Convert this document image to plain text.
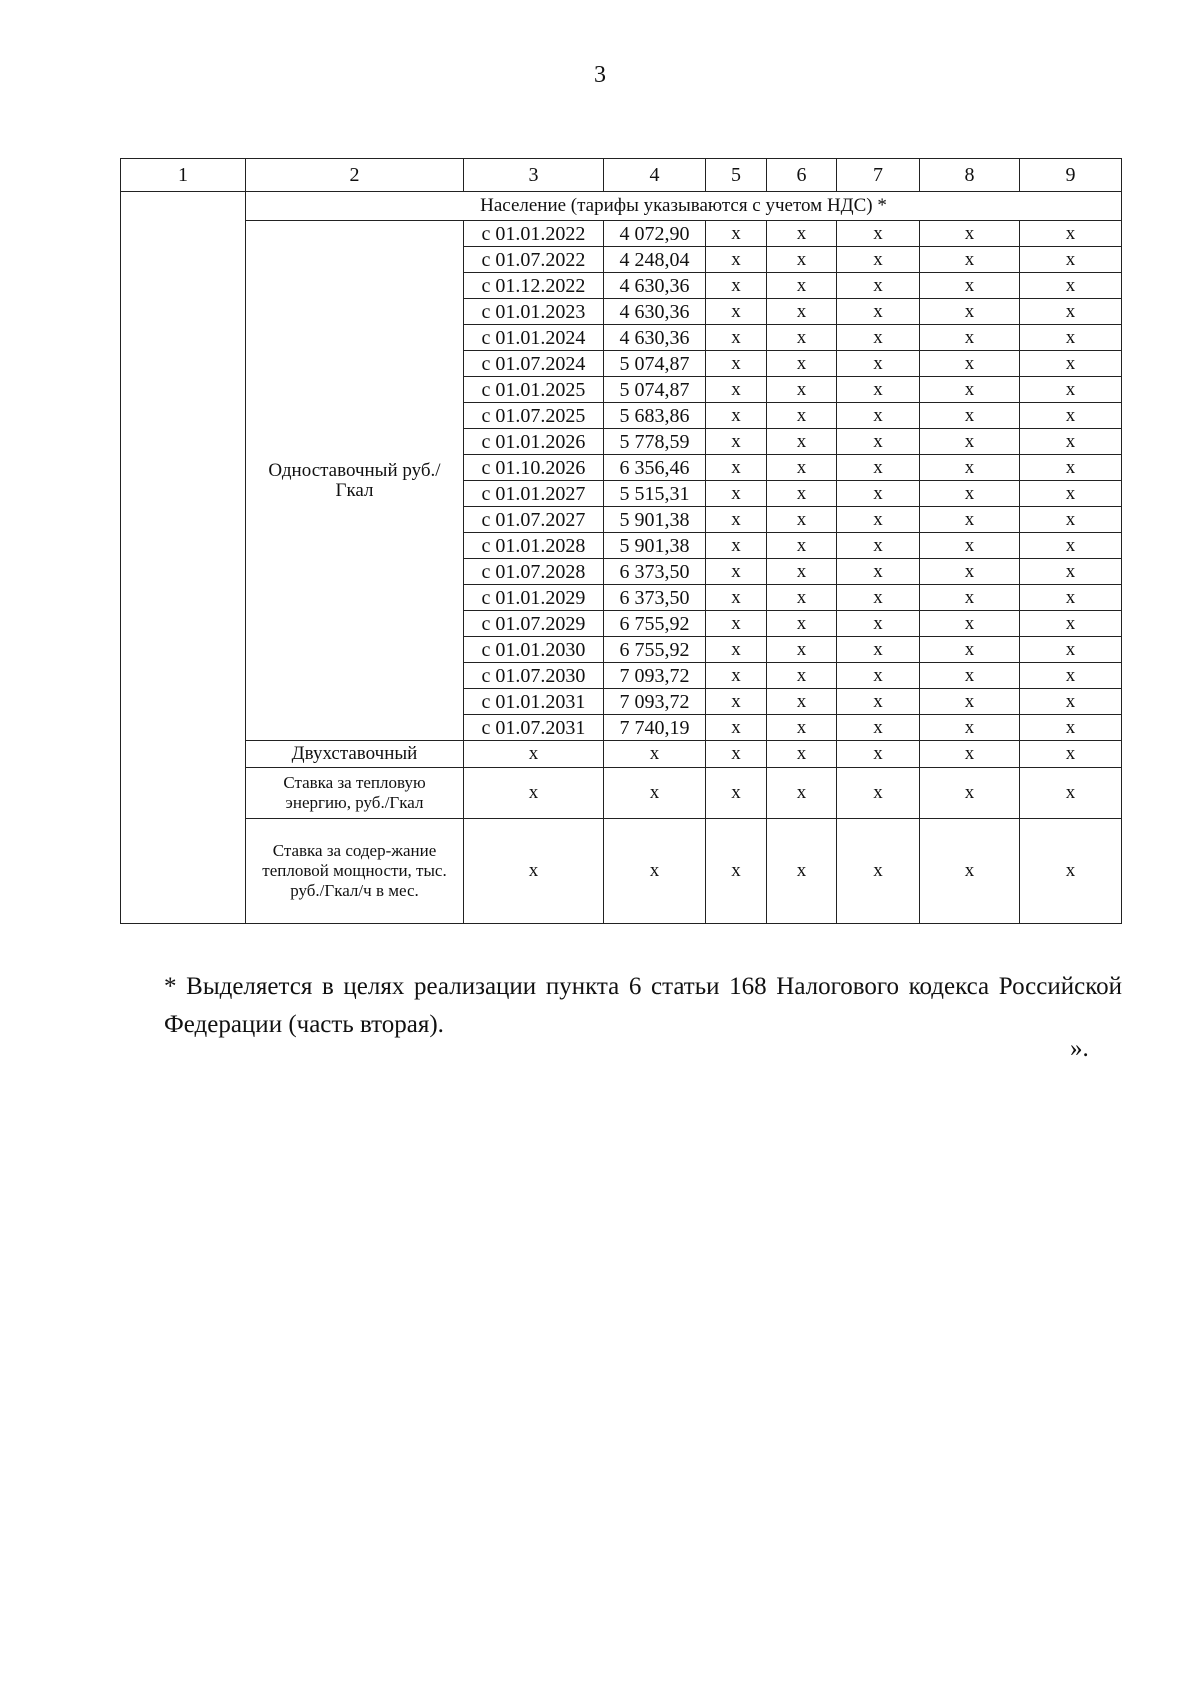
3
1	2	3	4	5	6	7	8	9
	Население (тарифы указываются с учетом НДС) *							
	Одноставочный руб./Гкал	с 01.01.2022	4 072,90	х	х	х	х	х
		с 01.07.2022	4 248,04	х	х	х	х	х
		с 01.12.2022	4 630,36	х	х	х	х	х
		с 01.01.2023	4 630,36	х	х	х	х	х
		с 01.01.2024	4 630,36	х	х	х	х	х
		с 01.07.2024	5 074,87	х	х	х	х	х
		с 01.01.2025	5 074,87	х	х	х	х	х
		с 01.07.2025	5 683,86	х	х	х	х	х
		с 01.01.2026	5 778,59	х	х	х	х	х
		с 01.10.2026	6 356,46	х	х	х	х	х
		с 01.01.2027	5 515,31	х	х	х	х	х
		с 01.07.2027	5 901,38	х	х	х	х	х
		с 01.01.2028	5 901,38	х	х	х	х	х
		с 01.07.2028	6 373,50	х	х	х	х	х
		с 01.01.2029	6 373,50	х	х	х	х	х
		с 01.07.2029	6 755,92	х	х	х	х	х
		с 01.01.2030	6 755,92	х	х	х	х	х
		с 01.07.2030	7 093,72	х	х	х	х	х
		с 01.01.2031	7 093,72	х	х	х	х	х
		с 01.07.2031	7 740,19	х	х	х	х	х
	Двухставочный	х	х	х	х	х	х	х
	Ставка за тепловую энергию, руб./Гкал	х	х	х	х	х	х	х
	Ставка за содер-жание тепловой мощности, тыс. руб./Гкал/ч в мес.	х	х	х	х	х	х	х
* Выделяется в целях реализации пункта 6 статьи 168 Налогового кодекса Российской Федерации (часть вторая).
».
